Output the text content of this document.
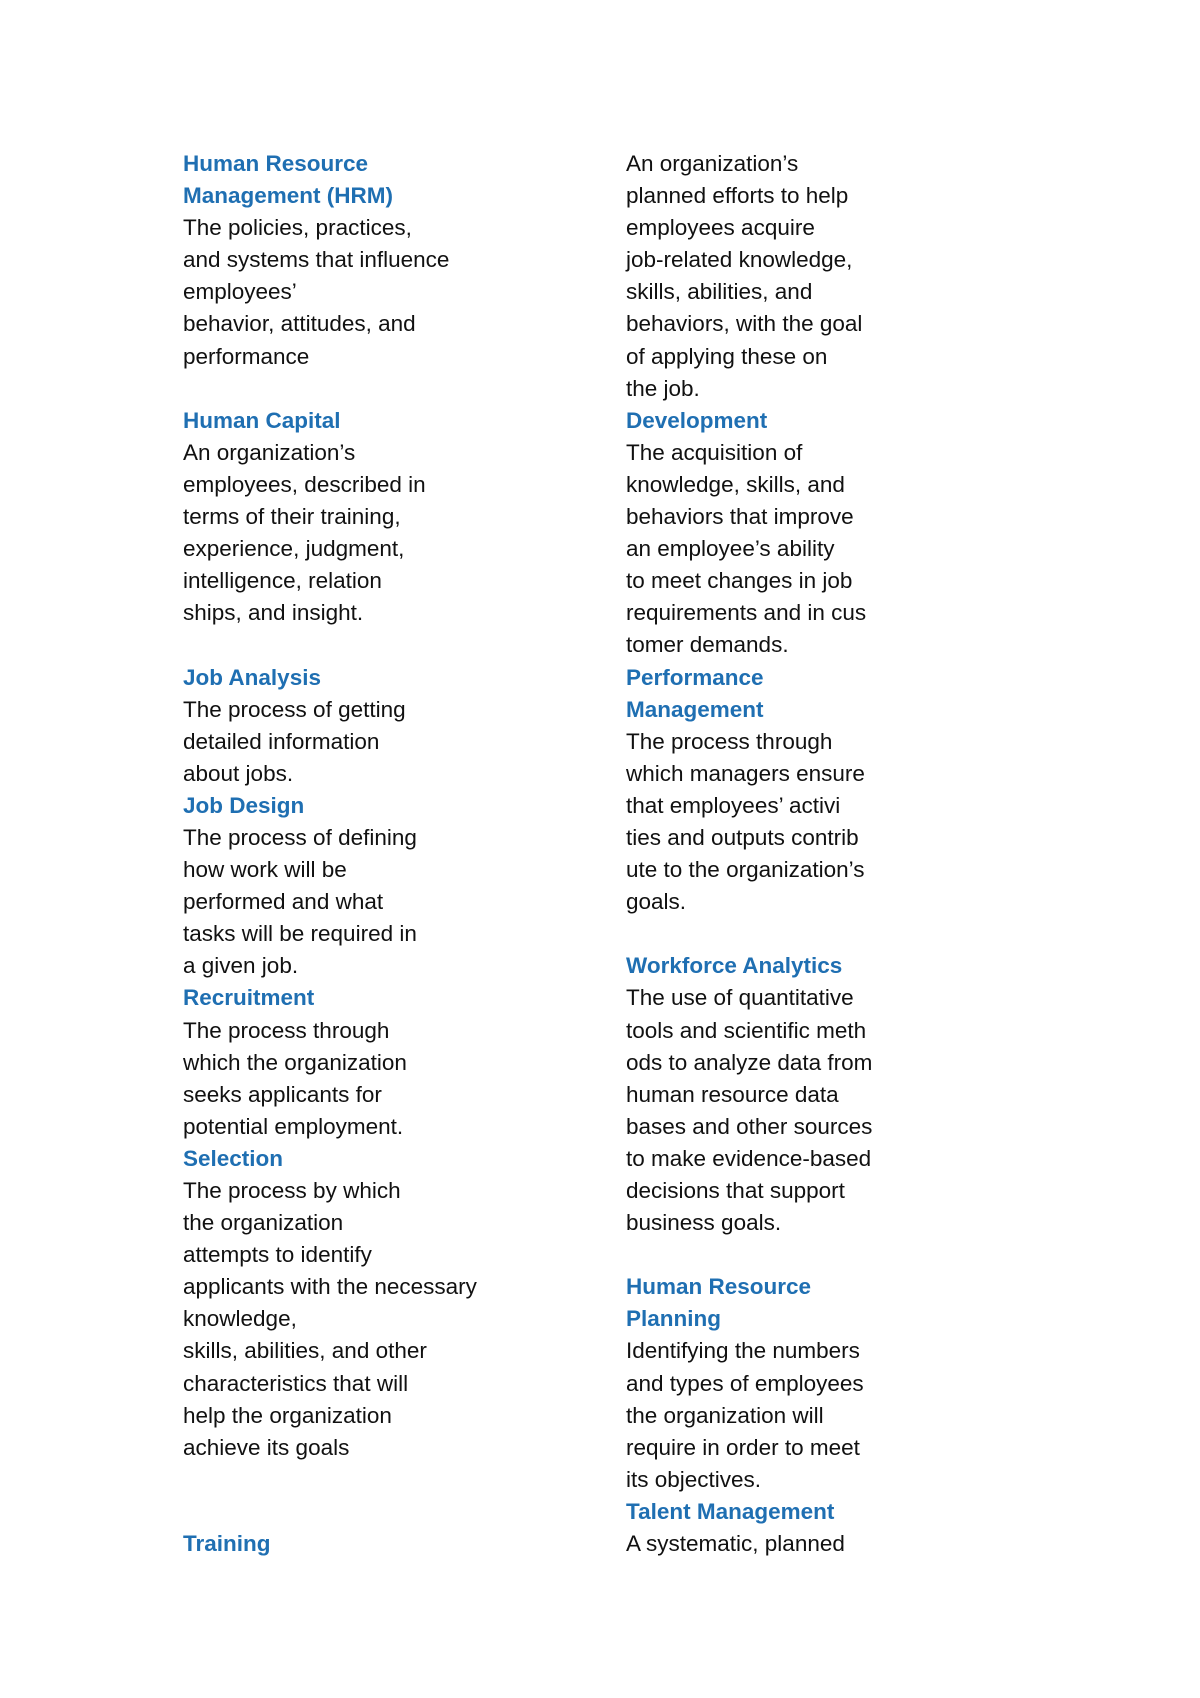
Human Resource
Management (HRM)
The policies, practices,
and systems that influence
employees’
behavior, attitudes, and
performance
Human Capital
An organization’s
employees, described in
terms of their training,
experience, judgment,
intelligence, relation
ships, and insight.
Job Analysis
The process of getting
detailed information
about jobs.
Job Design
The process of defining
how work will be
performed and what
tasks will be required in
a given job.
Recruitment
The process through
which the organization
seeks applicants for
potential employment.
Selection
The process by which
the organization
attempts to identify
applicants with the necessary
knowledge,
skills, abilities, and other
characteristics that will
help the organization
achieve its goals
Training
An organization’s
planned efforts to help
employees acquire
job-related knowledge,
skills, abilities, and
behaviors, with the goal
of applying these on
the job.
Development
The acquisition of
knowledge, skills, and
behaviors that improve
an employee’s ability
to meet changes in job
requirements and in cus
tomer demands.
Performance
Management
The process through
which managers ensure
that employees’ activi
ties and outputs contrib
ute to the organization’s
goals.
Workforce Analytics
The use of quantitative
tools and scientific meth
ods to analyze data from
human resource data
bases and other sources
to make evidence-based
decisions that support
business goals.
Human Resource
Planning
Identifying the numbers
and types of employees
the organization will
require in order to meet
its objectives.
Talent Management
A systematic, planned
